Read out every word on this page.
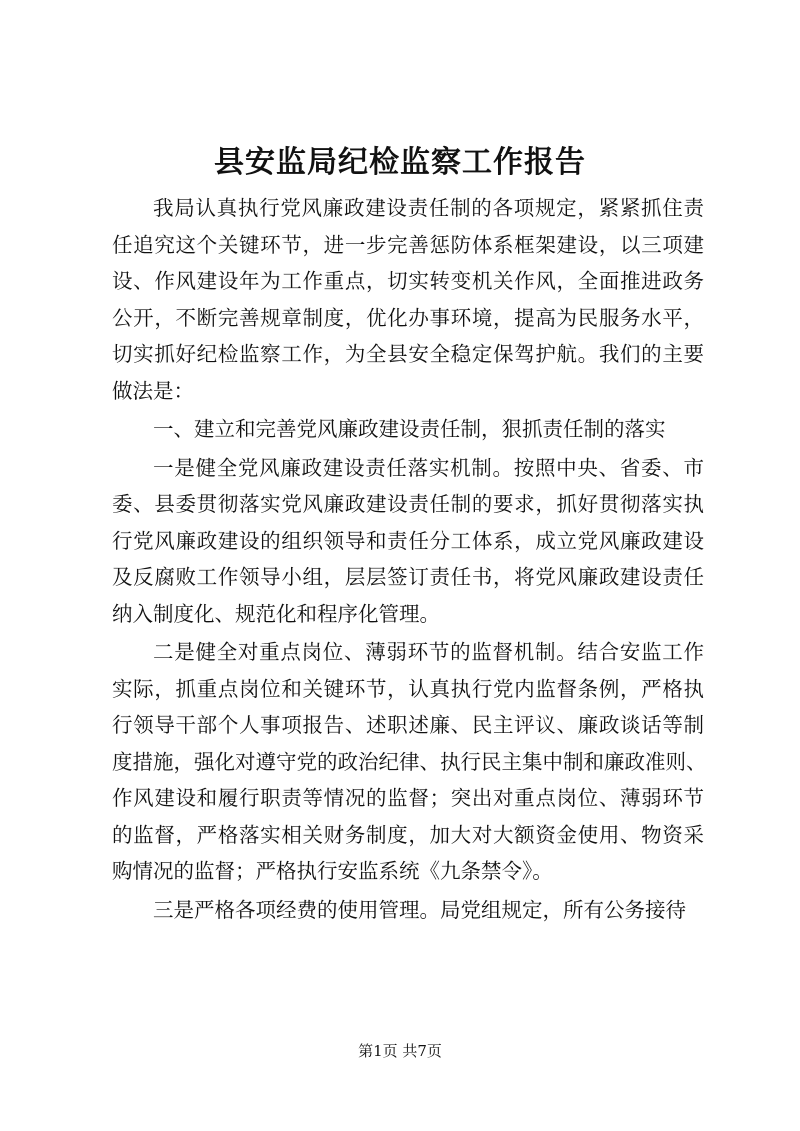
县安监局纪检监察工作报告
我局认真执行党风廉政建设责任制的各项规定，紧紧抓住责
任追究这个关键环节，进一步完善惩防体系框架建设，以三项建
设、作风建设年为工作重点，切实转变机关作风，全面推进政务
公开，不断完善规章制度，优化办事环境，提高为民服务水平，
切实抓好纪检监察工作，为全县安全稳定保驾护航。我们的主要
做法是：
一、建立和完善党风廉政建设责任制，狠抓责任制的落实
一是健全党风廉政建设责任落实机制。按照中央、省委、市
委、县委贯彻落实党风廉政建设责任制的要求，抓好贯彻落实执
行党风廉政建设的组织领导和责任分工体系，成立党风廉政建设
及反腐败工作领导小组，层层签订责任书，将党风廉政建设责任
纳入制度化、规范化和程序化管理。
二是健全对重点岗位、薄弱环节的监督机制。结合安监工作
实际，抓重点岗位和关键环节，认真执行党内监督条例，严格执
行领导干部个人事项报告、述职述廉、民主评议、廉政谈话等制
度措施，强化对遵守党的政治纪律、执行民主集中制和廉政准则、
作风建设和履行职责等情况的监督；突出对重点岗位、薄弱环节
的监督，严格落实相关财务制度，加大对大额资金使用、物资采
购情况的监督；严格执行安监系统《九条禁令》。
三是严格各项经费的使用管理。局党组规定，所有公务接待
第1页 共7页
